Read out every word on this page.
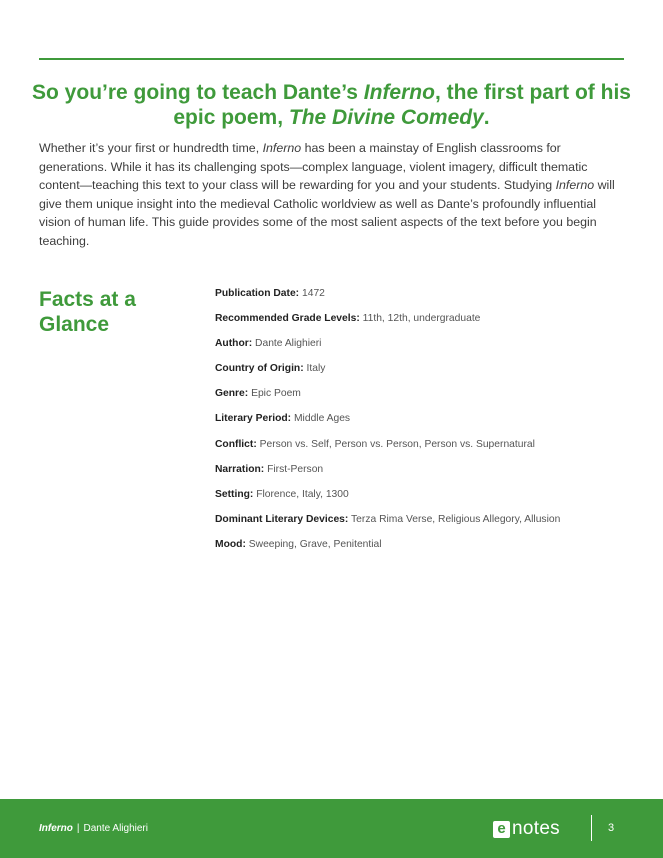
So you’re going to teach Dante’s Inferno, the first part of his epic poem, The Divine Comedy.

Whether it’s your first or hundredth time, Inferno has been a mainstay of English classrooms for generations. While it has its challenging spots—complex language, violent imagery, difficult thematic content—teaching this text to your class will be rewarding for you and your students. Studying Inferno will give them unique insight into the medieval Catholic worldview as well as Dante’s profoundly influential vision of human life. This guide provides some of the most salient aspects of the text before you begin teaching.

Facts at a Glance
Publication Date: 1472
Recommended Grade Levels: 11th, 12th, undergraduate
Author: Dante Alighieri
Country of Origin: Italy
Genre: Epic Poem
Literary Period: Middle Ages
Conflict: Person vs. Self, Person vs. Person, Person vs. Supernatural
Narration: First-Person
Setting: Florence, Italy, 1300
Dominant Literary Devices: Terza Rima Verse, Religious Allegory, Allusion
Mood: Sweeping, Grave, Penitential
Inferno | Dante Alighieri	e notes	3
